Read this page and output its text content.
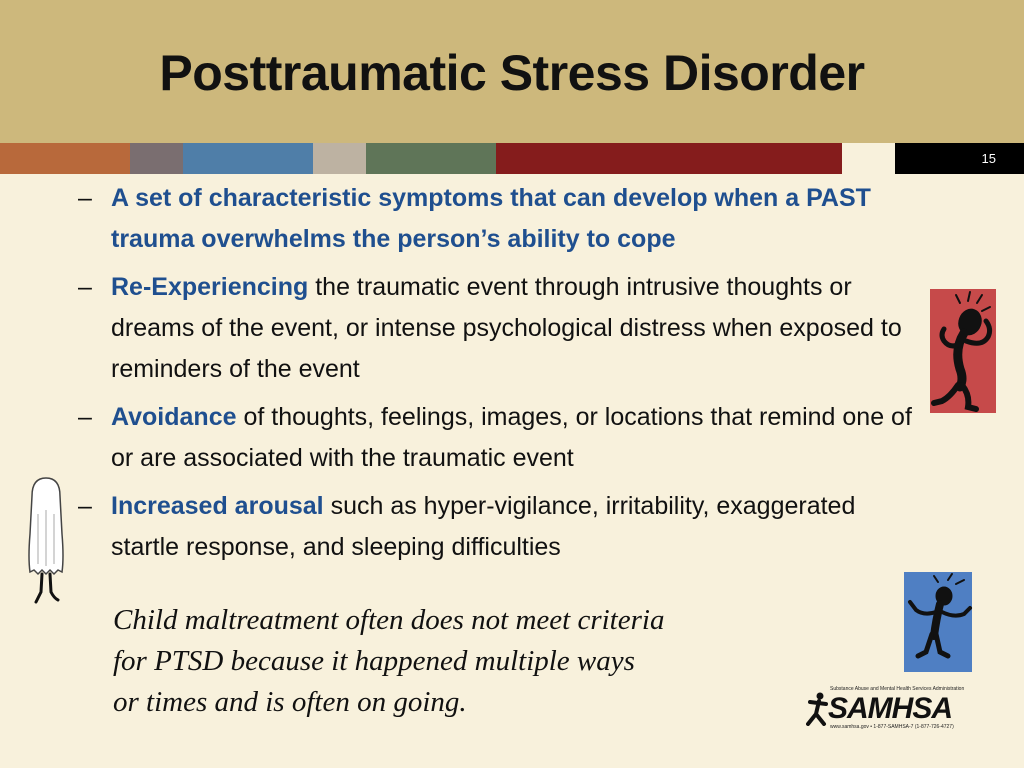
Posttraumatic Stress Disorder
15
– A set of characteristic symptoms that can develop when a PAST trauma overwhelms the person’s ability to cope
– Re-Experiencing the traumatic event through intrusive thoughts or dreams of the event, or intense psychological distress when exposed to reminders of the event
– Avoidance of thoughts, feelings, images, or locations that remind one of or are associated with the traumatic event
– Increased arousal such as hyper-vigilance, irritability, exaggerated startle response, and sleeping difficulties
Child maltreatment often does not meet criteria
for PTSD because it happened multiple ways
or times and is often on going.	Substance Abuse and Mental Health Services Administration
SAMHSA
www.samhsa.gov • 1-877-SAMHSA-7 (1-877-726-4727)
